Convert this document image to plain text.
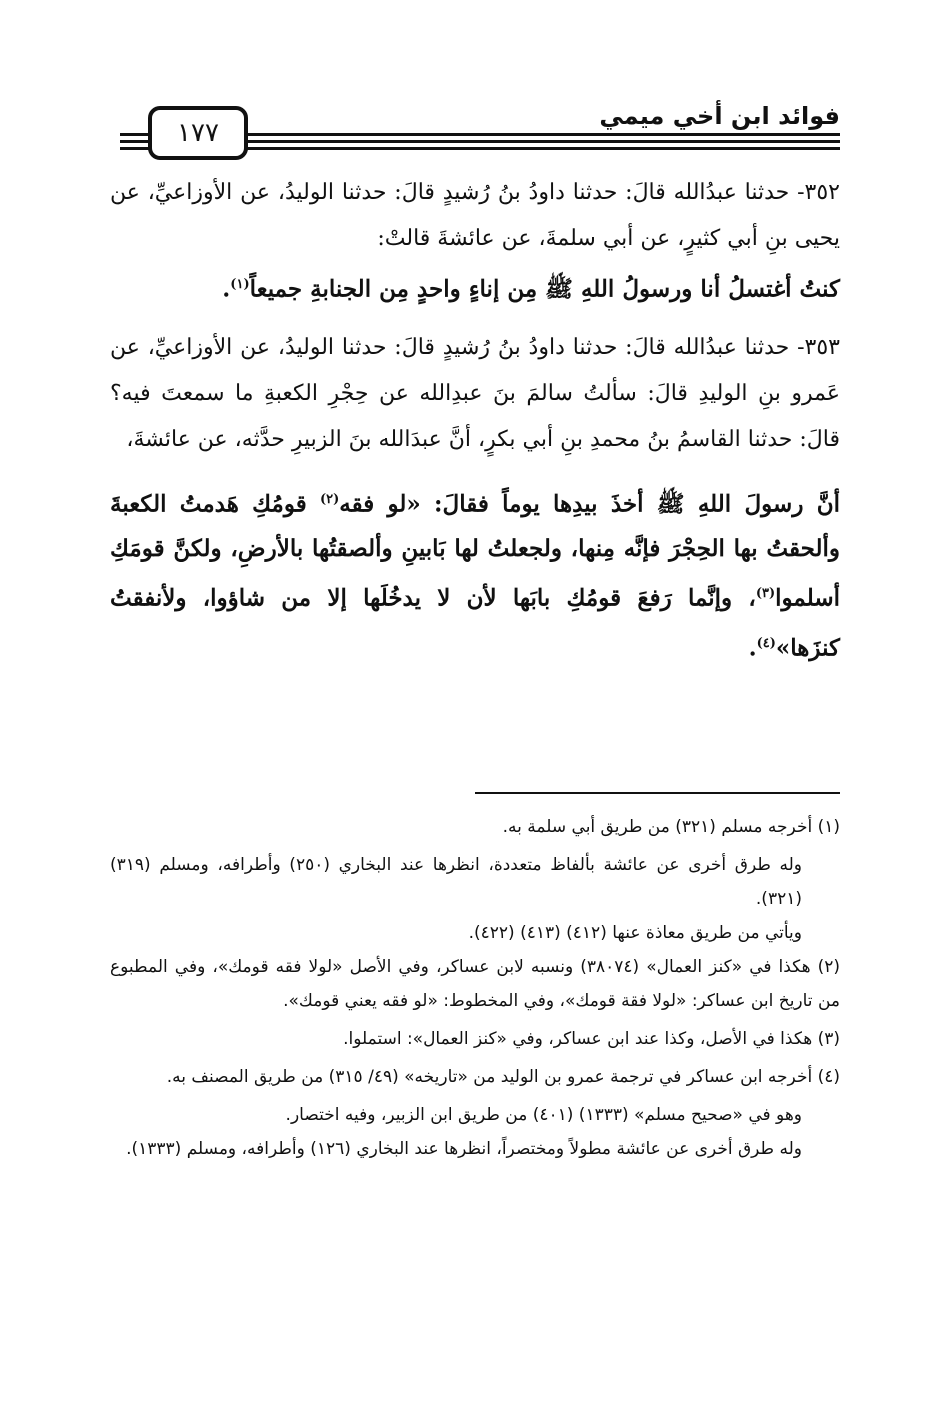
فوائد ابن أخي ميمي
١٧٧

٣٥٢- حدثنا عبدُالله قالَ: حدثنا داودُ بنُ رُشيدٍ قالَ: حدثنا الوليدُ، عن الأوزاعيِّ، عن يحيى بنِ أبي كثيرٍ، عن أبي سلمةَ، عن عائشةَ قالتْ:

كنتُ أغتسلُ أنا ورسولُ اللهِ ﷺ مِن إناءٍ واحدٍ مِن الجنابةِ جميعاً$^{(١)}$.

٣٥٣- حدثنا عبدُالله قالَ: حدثنا داودُ بنُ رُشيدٍ قالَ: حدثنا الوليدُ، عن الأوزاعيِّ، عن عَمرو بنِ الوليدِ قالَ: سألتُ سالمَ بنَ عبدِالله عن حِجْرِ الكعبةِ ما سمعتَ فيه؟ قالَ: حدثنا القاسمُ بنُ محمدِ بنِ أبي بكرٍ، أنَّ عبدَالله بنَ الزبيرِ حدَّثه، عن عائشةَ،

أنَّ رسولَ اللهِ ﷺ أخذَ بيدِها يوماً فقالَ: «لو فقه$^{(٢)}$ قومُكِ هَدمتُ الكعبةَ وألحقتُ بها الحِجْرَ فإنَّه مِنها، ولجعلتُ لها بَابينِ وألصقتُها بالأرضِ، ولكنَّ قومَكِ أسلموا$^{(٣)}$، وإنَّما رَفعَ قومُكِ بابَها لأن لا يدخُلَها إلا من شاؤوا، ولأنفقتُ كنزَها»$^{(٤)}$.

(١) أخرجه مسلم (٣٢١) من طريق أبي سلمة به.

وله طرق أخرى عن عائشة بألفاظ متعددة، انظرها عند البخاري (٢٥٠) وأطرافه، ومسلم (٣١٩) (٣٢١).

ويأتي من طريق معاذة عنها (٤١٢) (٤١٣) (٤٢٢).

(٢) هكذا في «كنز العمال» (٣٨٠٧٤) ونسبه لابن عساكر، وفي الأصل «لولا فقه قومك»، وفي المطبوع من تاريخ ابن عساكر: «لولا فقة قومك»، وفي المخطوط: «لو فقه يعني قومك».

(٣) هكذا في الأصل، وكذا عند ابن عساكر، وفي «كنز العمال»: استملوا.

(٤) أخرجه ابن عساكر في ترجمة عمرو بن الوليد من «تاريخه» (٤٩/ ٣١٥) من طريق المصنف به.

وهو في «صحيح مسلم» (١٣٣٣) (٤٠١) من طريق ابن الزبير، وفيه اختصار.

وله طرق أخرى عن عائشة مطولاً ومختصراً، انظرها عند البخاري (١٢٦) وأطرافه، ومسلم (١٣٣٣).
